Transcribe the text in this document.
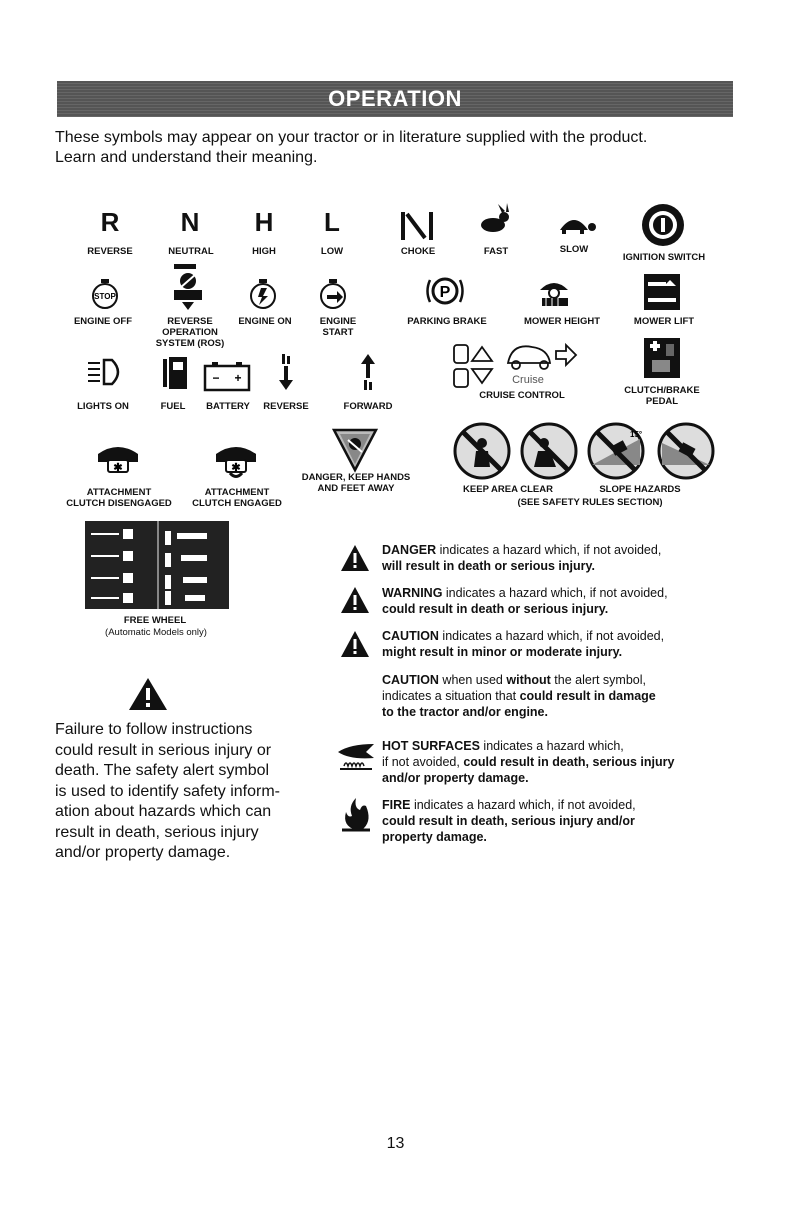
OPERATION
These symbols may appear on your tractor or in literature supplied with the product.
Learn and understand their meaning.
R
REVERSE
N
NEUTRAL
H
HIGH
L
LOW	CHOKE	FAST	SLOW
IGNITION SWITCH
STOP
ENGINE OFF	REVERSE
OPERATION
SYSTEM (ROS)
ENGINE ON	ENGINE START
P
PARKING BRAKE	MOWER HEIGHT	MOWER LIFT
LIGHTS ON	FUEL
− +
BATTERY	REVERSE	FORWARD
Cruise
CRUISE CONTROL	CLUTCH/BRAKE
PEDAL
✱
ATTACHMENT
CLUTCH DISENGAGED
✱
ATTACHMENT
CLUTCH ENGAGED
DANGER, KEEP HANDS
AND FEET AWAY
15°
KEEP AREA CLEAR	SLOPE HAZARDS
(SEE SAFETY RULES SECTION)
FREE WHEEL
(Automatic Models only)
DANGER indicates a hazard which, if not avoided,
will result in death or serious injury.
WARNING indicates a hazard which, if not avoided,
could result in death or serious injury.
CAUTION indicates a hazard which, if not avoided,
might result in minor or moderate injury.
CAUTION when used without the alert symbol,
indicates a situation that could result in damage
to the tractor and/or engine.
HOT SURFACES indicates a hazard which,
if not avoided, could result in death, serious injury
and/or property damage.
FIRE indicates a hazard which, if not avoided,
could result in death, serious injury and/or
property damage.
Failure to follow instructions
could result in serious injury or
death. The safety alert symbol
is used to identify safety inform-
ation about hazards which can
result in death, serious injury
and/or property damage.
13
